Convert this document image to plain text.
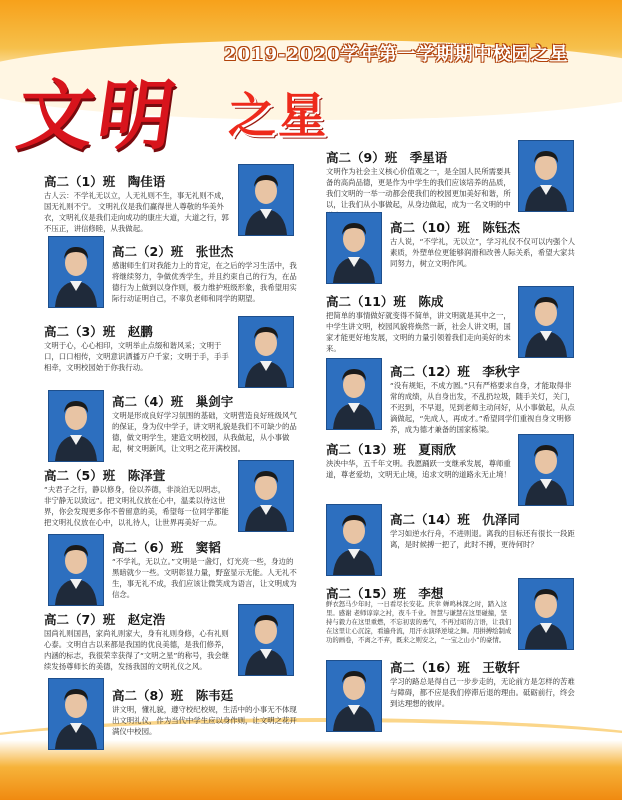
2019-2020学年第一学期期中校园之星
文明 之星
高二（1）班　陶佳语
古人云：不学礼无以立，人无礼则不生，事无礼则不成，国无礼则不宁。 文明礼仪是我们赢得世人尊敬的华美外衣，文明礼仪是我们走向成功的康庄大道，大道之行，郭不压正，讲信修睦，从我做起。
高二（2）班　张世杰
感谢师生们对我能力上的肯定，在之后的学习生活中，我将继续努力，争做优秀学生，并且约束自己的行为，在品德行为上做到以身作则，极力维护班级形象，我希望用实际行动证明自己，不辜负老师和同学的期望。
高二（3）班　赵鹏
文明于心，心心相印，文明举止点缀和谐风采；文明于口，口口相传，文明意识洒播万户千家；文明于手，手手相牵，文明校园始于你我行动。
高二（4）班　巢剑宇
文明是形成良好学习氛围的基础，文明营造良好班级风气的保证，身为仪中学子，讲文明礼貌是我们不可缺少的品德，做文明学生，建造文明校园，从我做起，从小事做起，树文明新风，让文明之花开满校园。
高二（5）班　陈泽萱
“夫君子之行，静以修身，俭以养德，非淡泊无以明志，非宁静无以致远”。把文明礼仪放在心中，温柔以待这世界，你会发现更多你不曾留意的美，希望每一位同学都能把文明礼仪放在心中，以礼待人，让世界再美好一点。
高二（6）班　窦韬
“不学礼，无以立。”文明是一盏灯，灯光亮一些，身边的黑暗就少一些。文明彰显力量，野蛮显示无能。人无礼不生，事无礼不成，我们应该让微笑成为语言，让文明成为信念。
高二（7）班　赵定浩
国尚礼则国昌，家尚礼则家大，身有礼则身修，心有礼则心泰。文明自古以来都是我国的优良美德，是我们修养，内涵的标志，我很荣幸获得了“文明之星”的称号，我会继续发扬尊师长的美德，发扬我国的文明礼仪之风。
高二（8）班　陈韦廷
讲文明，懂礼貌，遵守校纪校规，生活中的小事无不体现出文明礼仪，作为当代中学生应以身作则，让文明之花开满仪中校园。
高二（9）班　季星语
文明作为社会主义核心价值观之一，是全国人民所需要具备的高尚品德，更是作为中学生的我们应该培养的品质，我们文明的一举一动都会使我们的校园更加美好和谐，所以，让我们从小事做起，从身边做起，成为一名文明的中
高二（10）班　陈钰杰
古人说，“不学礼，无以立”，学习礼仪不仅可以内强个人素质，外塑单位更能够润滑和改善人际关系，希望大家共同努力，树立文明作风。
高二（11）班　陈成
把简单的事情做好就变得不简单，讲文明就是其中之一，中学生讲文明，校园风貌将焕然一新，社会人讲文明，国家才能更好地发展，文明的力量引领着我们走向美好的未来。
高二（12）班　李秋宇
“没有规矩，不成方圆。”只有严格要求自身，才能取得非常的成绩，从自身出发，不乱扔垃圾，随手关灯，关门，不迟到，不早退，见到老师主动问好，从小事做起，从点滴做起，“先成人，再成才。”希望同学们重视自身文明修养，成为德才兼备的国家栋梁。
高二（13）班　夏雨欣
泱泱中华，五千年文明。我愿踊跃一支继承发展，尊师重道，尊老爱幼，文明无止境，追求文明的道路永无止境！
高二（14）班　仇泽同
学习如逆水行舟，不进则退。离我的目标还有很长一段距离，是时候搏一把了，此时不搏，更待何时？
高二（15）班　李想
鲜衣怒马少年时，一日看尽长安花。庆幸 蝉鸣林深之时，踏入这里。感谢 老师谆谆之衬，夜斗千业。智慧与谦慧在这里碰撞，坚持与毅力在这里重燃，不忘初衷的勇气，不再过昭的言语，让我们在这里让心沉淀，看遍舟流，用汗水演绎逆境之舞。用拼搏绘制成功的画卷，不离之不弃，既来之则安之，“一宝之山小”的豪情。
高二（16）班　王敬轩
学习的路总是得自己一步步走的，无论前方是怎样的苦难与障碍，都不应是我们停滞后退的理由。砥砺前行，终会到达理想的彼岸。
